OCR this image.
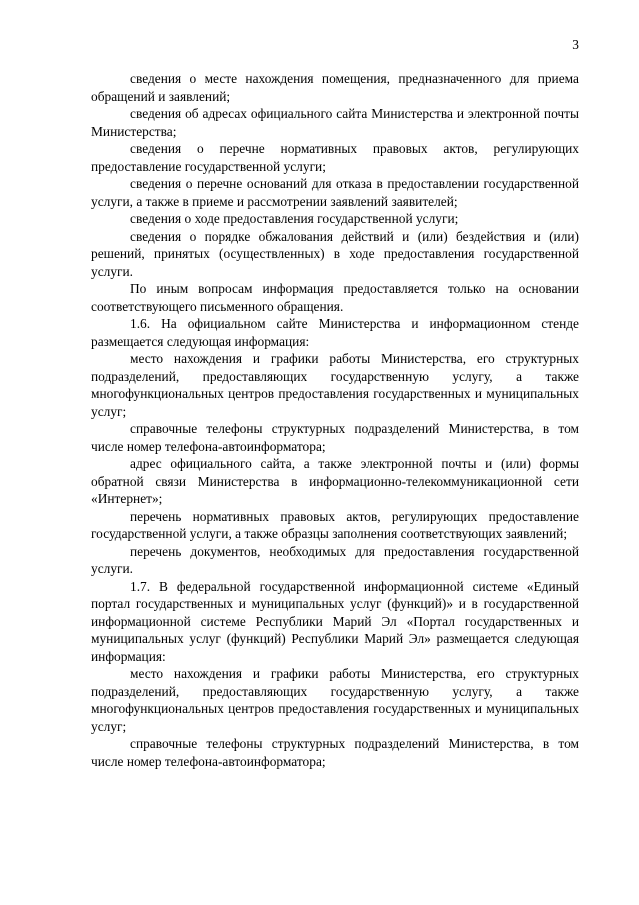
3

сведения о месте нахождения помещения, предназначенного для приема обращений и заявлений;

сведения об адресах официального сайта Министерства и электронной почты Министерства;

сведения о перечне нормативных правовых актов, регулирующих предоставление государственной услуги;

сведения о перечне оснований для отказа в предоставлении государственной услуги, а также в приеме и рассмотрении заявлений заявителей;

сведения о ходе предоставления государственной услуги;

сведения о порядке обжалования действий и (или) бездействия и (или) решений, принятых (осуществленных) в ходе предоставления государственной услуги.

По иным вопросам информация предоставляется только на основании соответствующего письменного обращения.

1.6. На официальном сайте Министерства и информационном стенде размещается следующая информация:

место нахождения и графики работы Министерства, его структурных подразделений, предоставляющих государственную услугу, а также многофункциональных центров предоставления государственных и муниципальных услуг;

справочные телефоны структурных подразделений Министерства, в том числе номер телефона-автоинформатора;

адрес официального сайта, а также электронной почты и (или) формы обратной связи Министерства в информационно-телекоммуникационной сети «Интернет»;

перечень нормативных правовых актов, регулирующих предоставление государственной услуги, а также образцы заполнения соответствующих заявлений;

перечень документов, необходимых для предоставления государственной услуги.

1.7. В федеральной государственной информационной системе «Единый портал государственных и муниципальных услуг (функций)» и в государственной информационной системе Республики Марий Эл «Портал государственных и муниципальных услуг (функций) Республики Марий Эл» размещается следующая информация:

место нахождения и графики работы Министерства, его структурных подразделений, предоставляющих государственную услугу, а также многофункциональных центров предоставления государственных и муниципальных услуг;

справочные телефоны структурных подразделений Министерства, в том числе номер телефона-автоинформатора;
